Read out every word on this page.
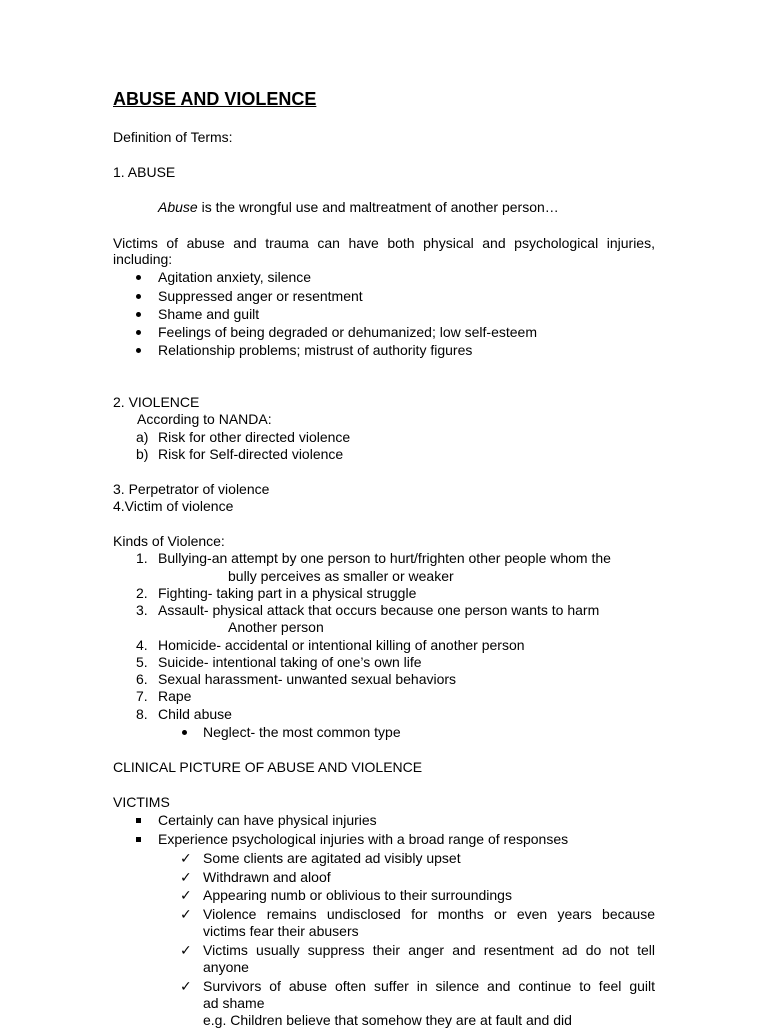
ABUSE AND VIOLENCE
Definition of Terms:
1. ABUSE
Abuse is the wrongful use and maltreatment of another person…
Victims of abuse and trauma can have both physical and psychological injuries,
including:
Agitation anxiety, silence
Suppressed anger or resentment
Shame and guilt
Feelings of being degraded or dehumanized; low self-esteem
Relationship problems; mistrust of authority figures
2. VIOLENCE
According to NANDA:
a) Risk for other directed violence
b) Risk for Self-directed violence
3. Perpetrator of violence
4.Victim of violence
Kinds of Violence:
1. Bullying-an attempt by one person to hurt/frighten other people whom the
bully perceives as smaller or weaker
2. Fighting- taking part in a physical struggle
3. Assault- physical attack that occurs because one person wants to harm
Another person
4. Homicide- accidental or intentional killing of another person
5. Suicide- intentional taking of one’s own life
6. Sexual harassment- unwanted sexual behaviors
7. Rape
8. Child abuse
Neglect- the most common type
CLINICAL PICTURE OF ABUSE AND VIOLENCE
VICTIMS
Certainly can have physical injuries
Experience psychological injuries with a broad range of responses
✓ Some clients are agitated ad visibly upset
✓ Withdrawn and aloof
✓ Appearing numb or oblivious to their surroundings
✓ Violence remains undisclosed for months or even years because
victims fear their abusers
✓ Victims usually suppress their anger and resentment ad do not tell
anyone
✓ Survivors of abuse often suffer in silence and continue to feel guilt
ad shame
e.g. Children believe that somehow they are at fault and did
